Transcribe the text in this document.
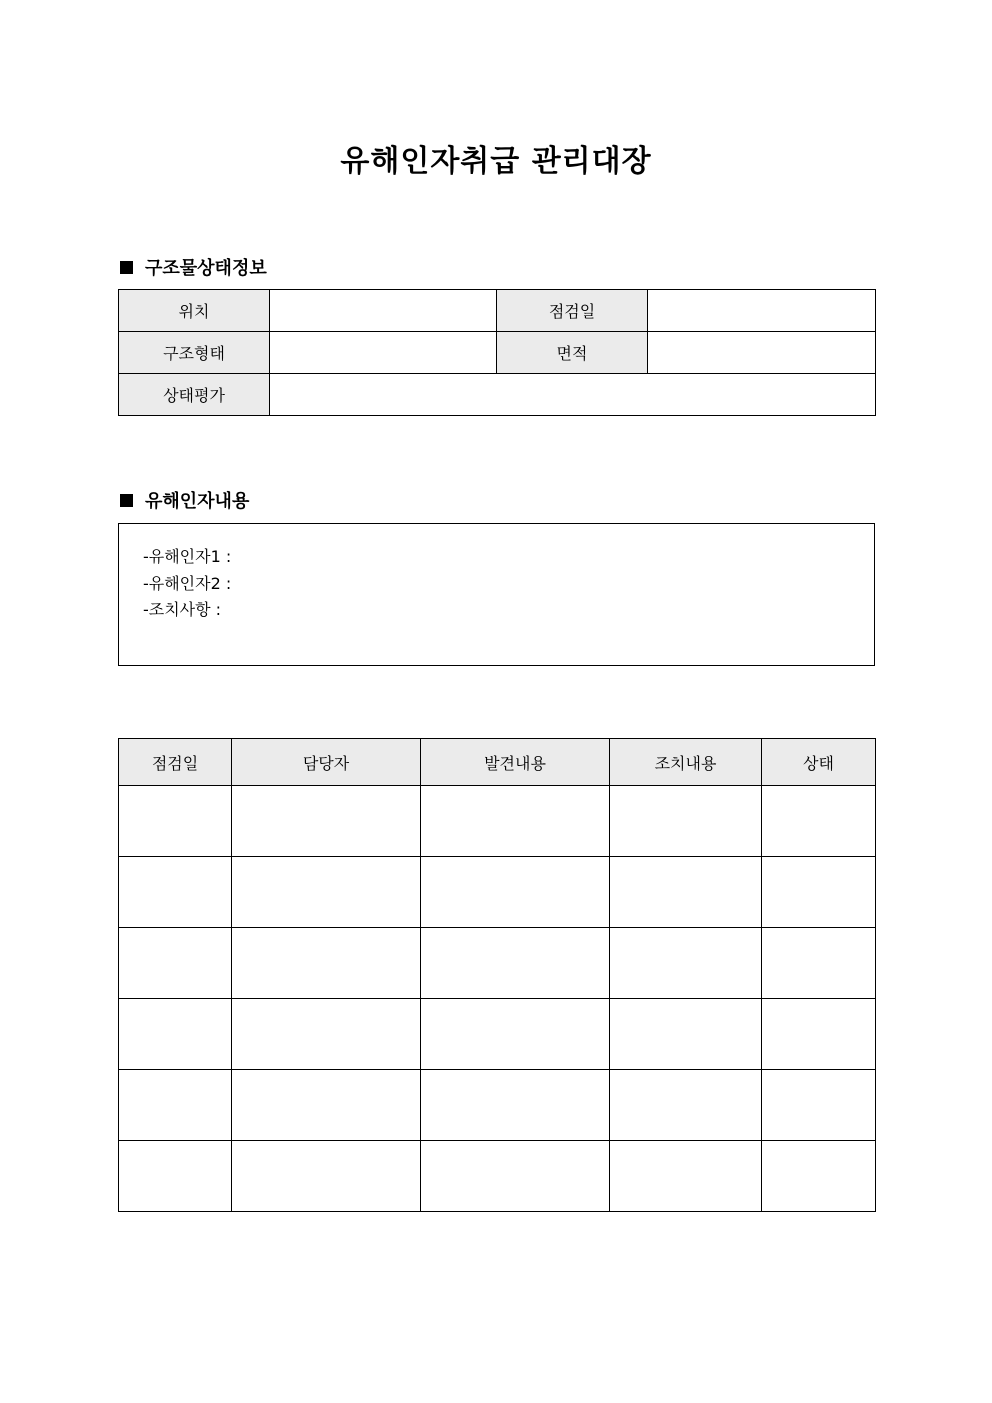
유해인자취급 관리대장
구조물상태정보
위치		점검일	
구조형태		면적	
상태평가			
유해인자내용
-유해인자1 :
-유해인자2 :
-조치사항 :
점검일	담당자	발견내용	조치내용	상태
